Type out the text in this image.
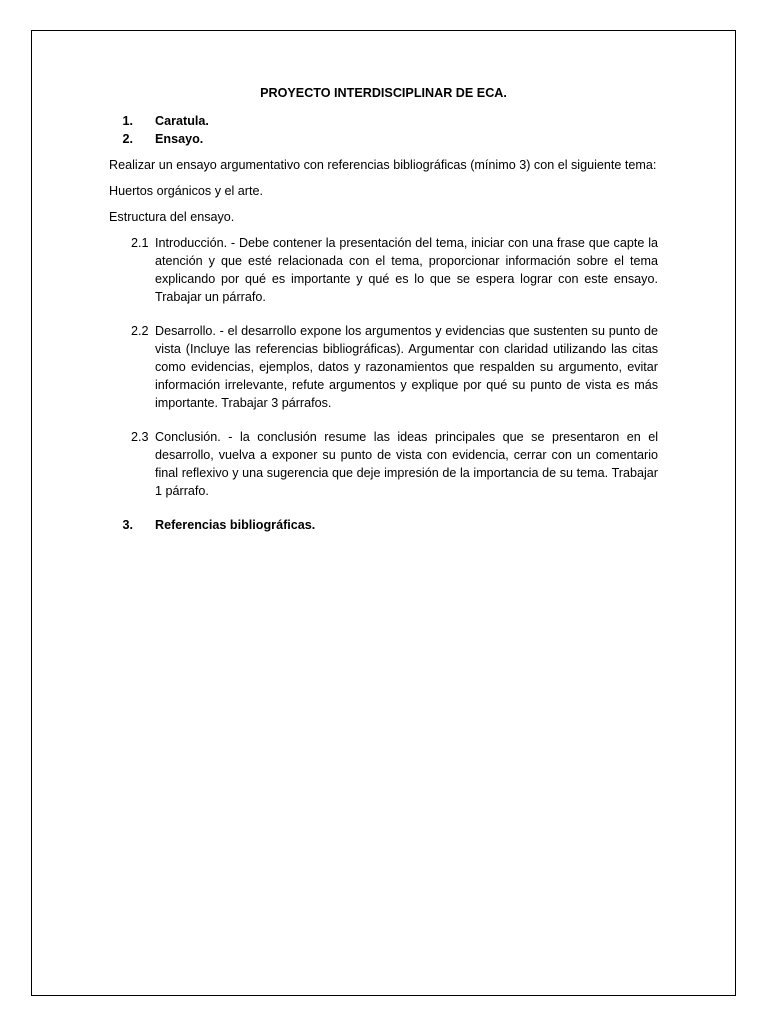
PROYECTO INTERDISCIPLINAR DE ECA.
1.	Caratula.
2.	Ensayo.

Realizar un ensayo argumentativo con referencias bibliográficas (mínimo 3) con el siguiente tema:

Huertos orgánicos y el arte.

Estructura del ensayo.

2.1 Introducción. - Debe contener la presentación del tema, iniciar con una frase que capte la atención y que esté relacionada con el tema, proporcionar información sobre el tema explicando por qué es importante y qué es lo que se espera lograr con este ensayo. Trabajar un párrafo.
2.2 Desarrollo. - el desarrollo expone los argumentos y evidencias que sustenten su punto de vista (Incluye las referencias bibliográficas). Argumentar con claridad utilizando las citas como evidencias, ejemplos, datos y razonamientos que respalden su argumento, evitar información irrelevante, refute argumentos y explique por qué su punto de vista es más importante. Trabajar 3 párrafos.
2.3 Conclusión. - la conclusión resume las ideas principales que se presentaron en el desarrollo, vuelva a exponer su punto de vista con evidencia, cerrar con un comentario final reflexivo y una sugerencia que deje impresión de la importancia de su tema. Trabajar 1 párrafo.
3.	Referencias bibliográficas.
